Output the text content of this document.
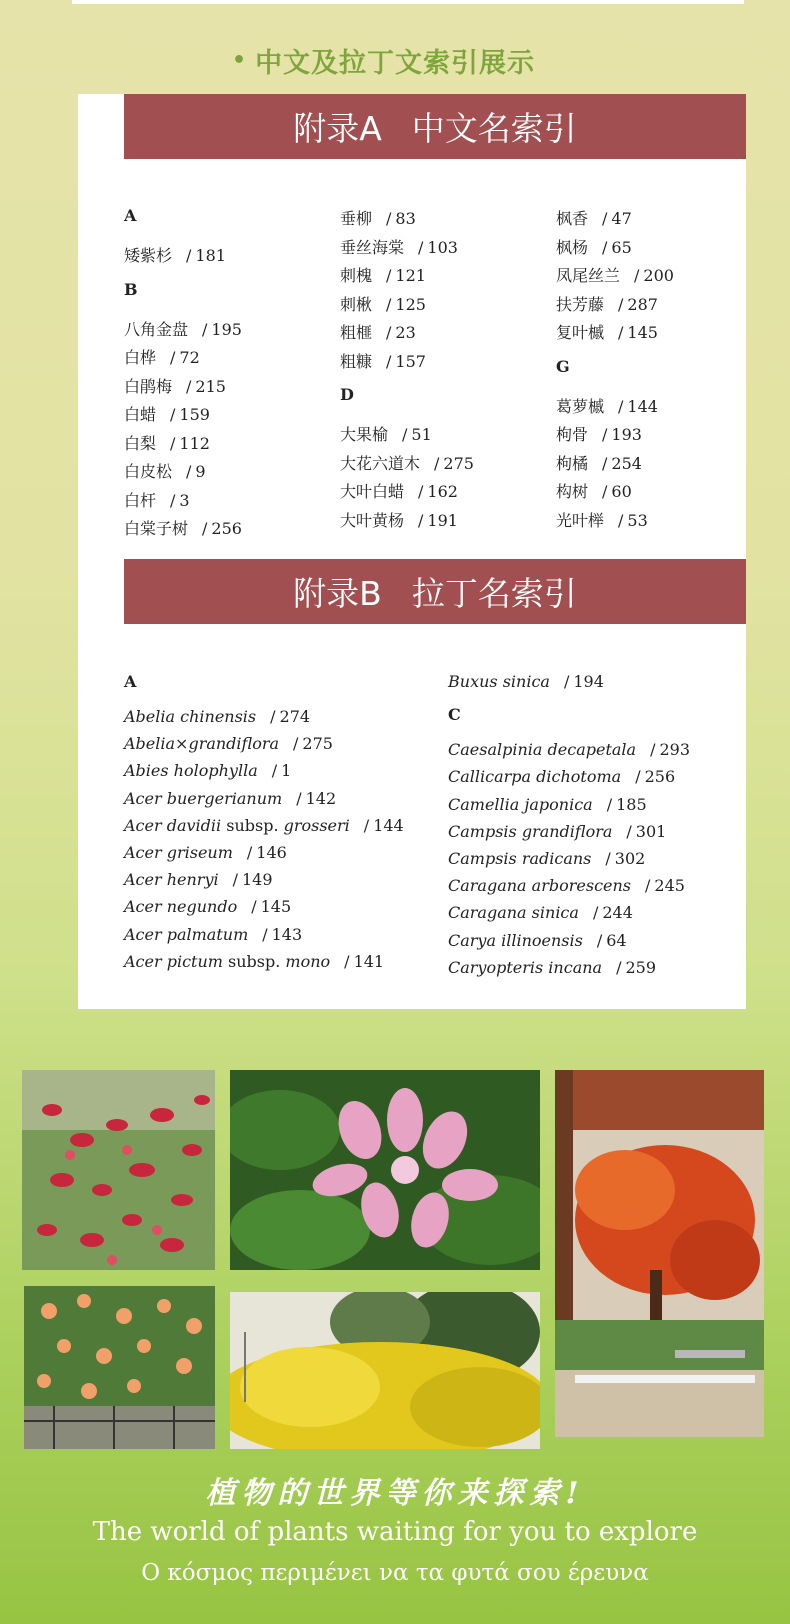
• 中文及拉丁文索引展示
附录A 中文名索引
A
矮紫杉 / 181
B
八角金盘 / 195
白桦 / 72
白鹃梅 / 215
白蜡 / 159
白梨 / 112
白皮松 / 9
白杆 / 3
白棠子树 / 256
垂柳 / 83
垂丝海棠 / 103
刺槐 / 121
刺楸 / 125
粗榧 / 23
粗糠 / 157
D
大果榆 / 51
大花六道木 / 275
大叶白蜡 / 162
大叶黄杨 / 191
枫香 / 47
枫杨 / 65
凤尾丝兰 / 200
扶芳藤 / 287
复叶槭 / 145
G
葛萝槭 / 144
枸骨 / 193
枸橘 / 254
构树 / 60
光叶榉 / 53
附录B 拉丁名索引
A
Abelia chinensis / 274
Abelia×grandiflora / 275
Abies holophylla / 1
Acer buergerianum / 142
Acer davidii subsp. grosseri / 144
Acer griseum / 146
Acer henryi / 149
Acer negundo / 145
Acer palmatum / 143
Acer pictum subsp. mono / 141
Buxus sinica / 194
C
Caesalpinia decapetala / 293
Callicarpa dichotoma / 256
Camellia japonica / 185
Campsis grandiflora / 301
Campsis radicans / 302
Caragana arborescens / 245
Caragana sinica / 244
Carya illinoensis / 64
Caryopteris incana / 259
植物的世界等你来探索!
The world of plants waiting for you to explore
Ο κόσμος περιμένει να τα φυτά σου έρευνα
